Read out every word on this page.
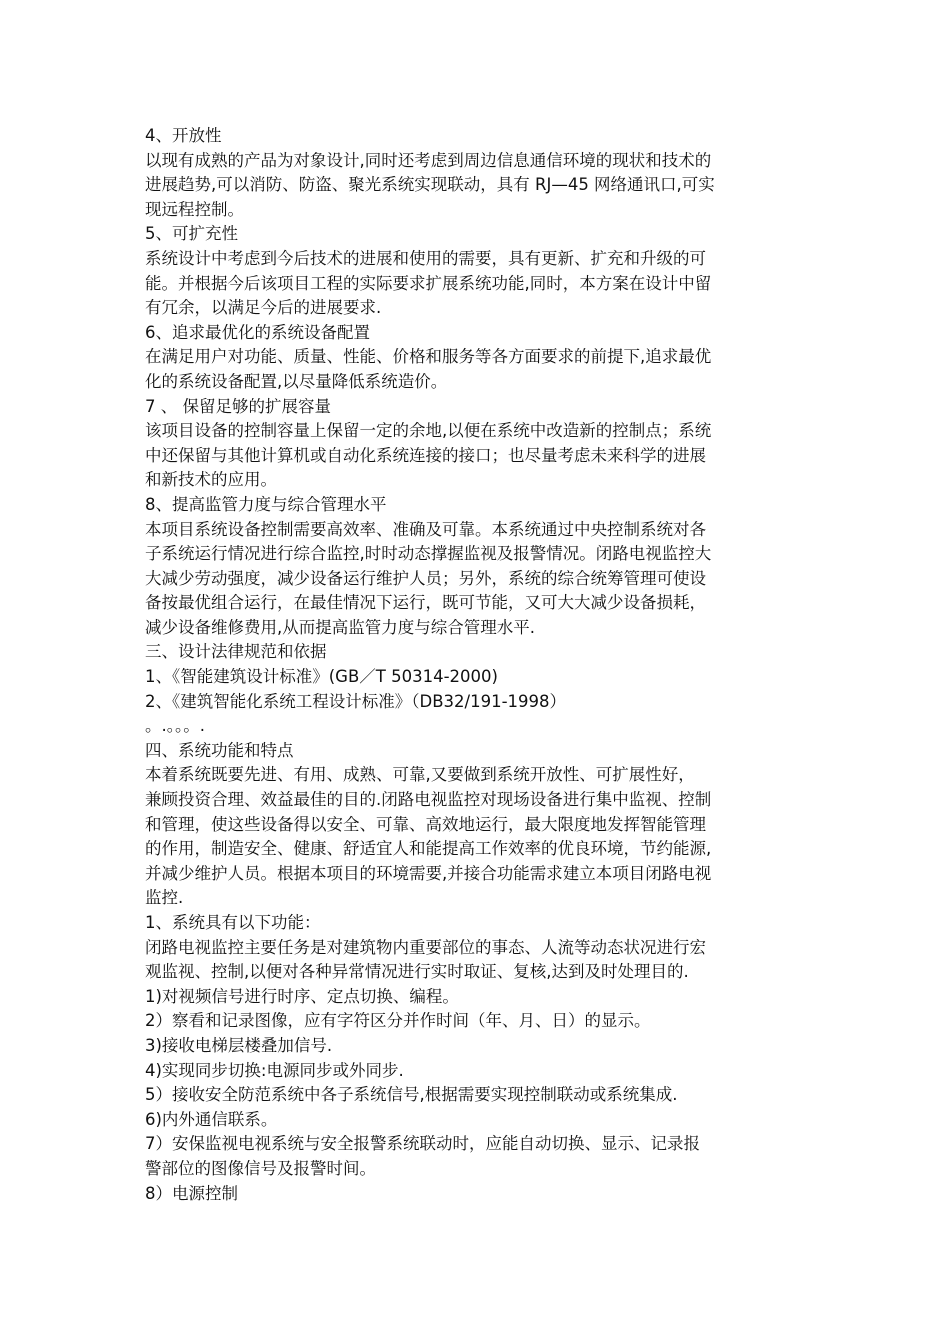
4、开放性
以现有成熟的产品为对象设计,同时还考虑到周边信息通信环境的现状和技术的
进展趋势,可以消防、防盗、聚光系统实现联动，具有 RJ—45 网络通讯口,可实
现远程控制。
5、可扩充性
系统设计中考虑到今后技术的进展和使用的需要，具有更新、扩充和升级的可
能。并根据今后该项目工程的实际要求扩展系统功能,同时，本方案在设计中留
有冗余，以满足今后的进展要求.
6、追求最优化的系统设备配置
在满足用户对功能、质量、性能、价格和服务等各方面要求的前提下,追求最优
化的系统设备配置,以尽量降低系统造价。
7 、 保留足够的扩展容量
该项目设备的控制容量上保留一定的余地,以便在系统中改造新的控制点；系统
中还保留与其他计算机或自动化系统连接的接口；也尽量考虑未来科学的进展
和新技术的应用。
8、提高监管力度与综合管理水平
本项目系统设备控制需要高效率、准确及可靠。本系统通过中央控制系统对各
子系统运行情况进行综合监控,时时动态撑握监视及报警情况。闭路电视监控大
大减少劳动强度，减少设备运行维护人员；另外，系统的综合统筹管理可使设
备按最优组合运行，在最佳情况下运行，既可节能，又可大大减少设备损耗，
减少设备维修费用,从而提高监管力度与综合管理水平.
三、设计法律规范和依据
1、《智能建筑设计标准》(GB／T 50314-2000)
2、《建筑智能化系统工程设计标准》（DB32/191-1998）
。.。。。.
四、系统功能和特点
本着系统既要先进、有用、成熟、可靠,又要做到系统开放性、可扩展性好，
兼顾投资合理、效益最佳的目的.闭路电视监控对现场设备进行集中监视、控制
和管理，使这些设备得以安全、可靠、高效地运行，最大限度地发挥智能管理
的作用，制造安全、健康、舒适宜人和能提高工作效率的优良环境，节约能源,
并减少维护人员。根据本项目的环境需要,并接合功能需求建立本项目闭路电视
监控.
1、系统具有以下功能：
闭路电视监控主要任务是对建筑物内重要部位的事态、人流等动态状况进行宏
观监视、控制,以便对各种异常情况进行实时取证、复核,达到及时处理目的.
1)对视频信号进行时序、定点切换、编程。
2）察看和记录图像，应有字符区分并作时间（年、月、日）的显示。
3)接收电梯层楼叠加信号.
4)实现同步切换:电源同步或外同步.
5）接收安全防范系统中各子系统信号,根据需要实现控制联动或系统集成.
6)内外通信联系。
7）安保监视电视系统与安全报警系统联动时，应能自动切换、显示、记录报
警部位的图像信号及报警时间。
8）电源控制
